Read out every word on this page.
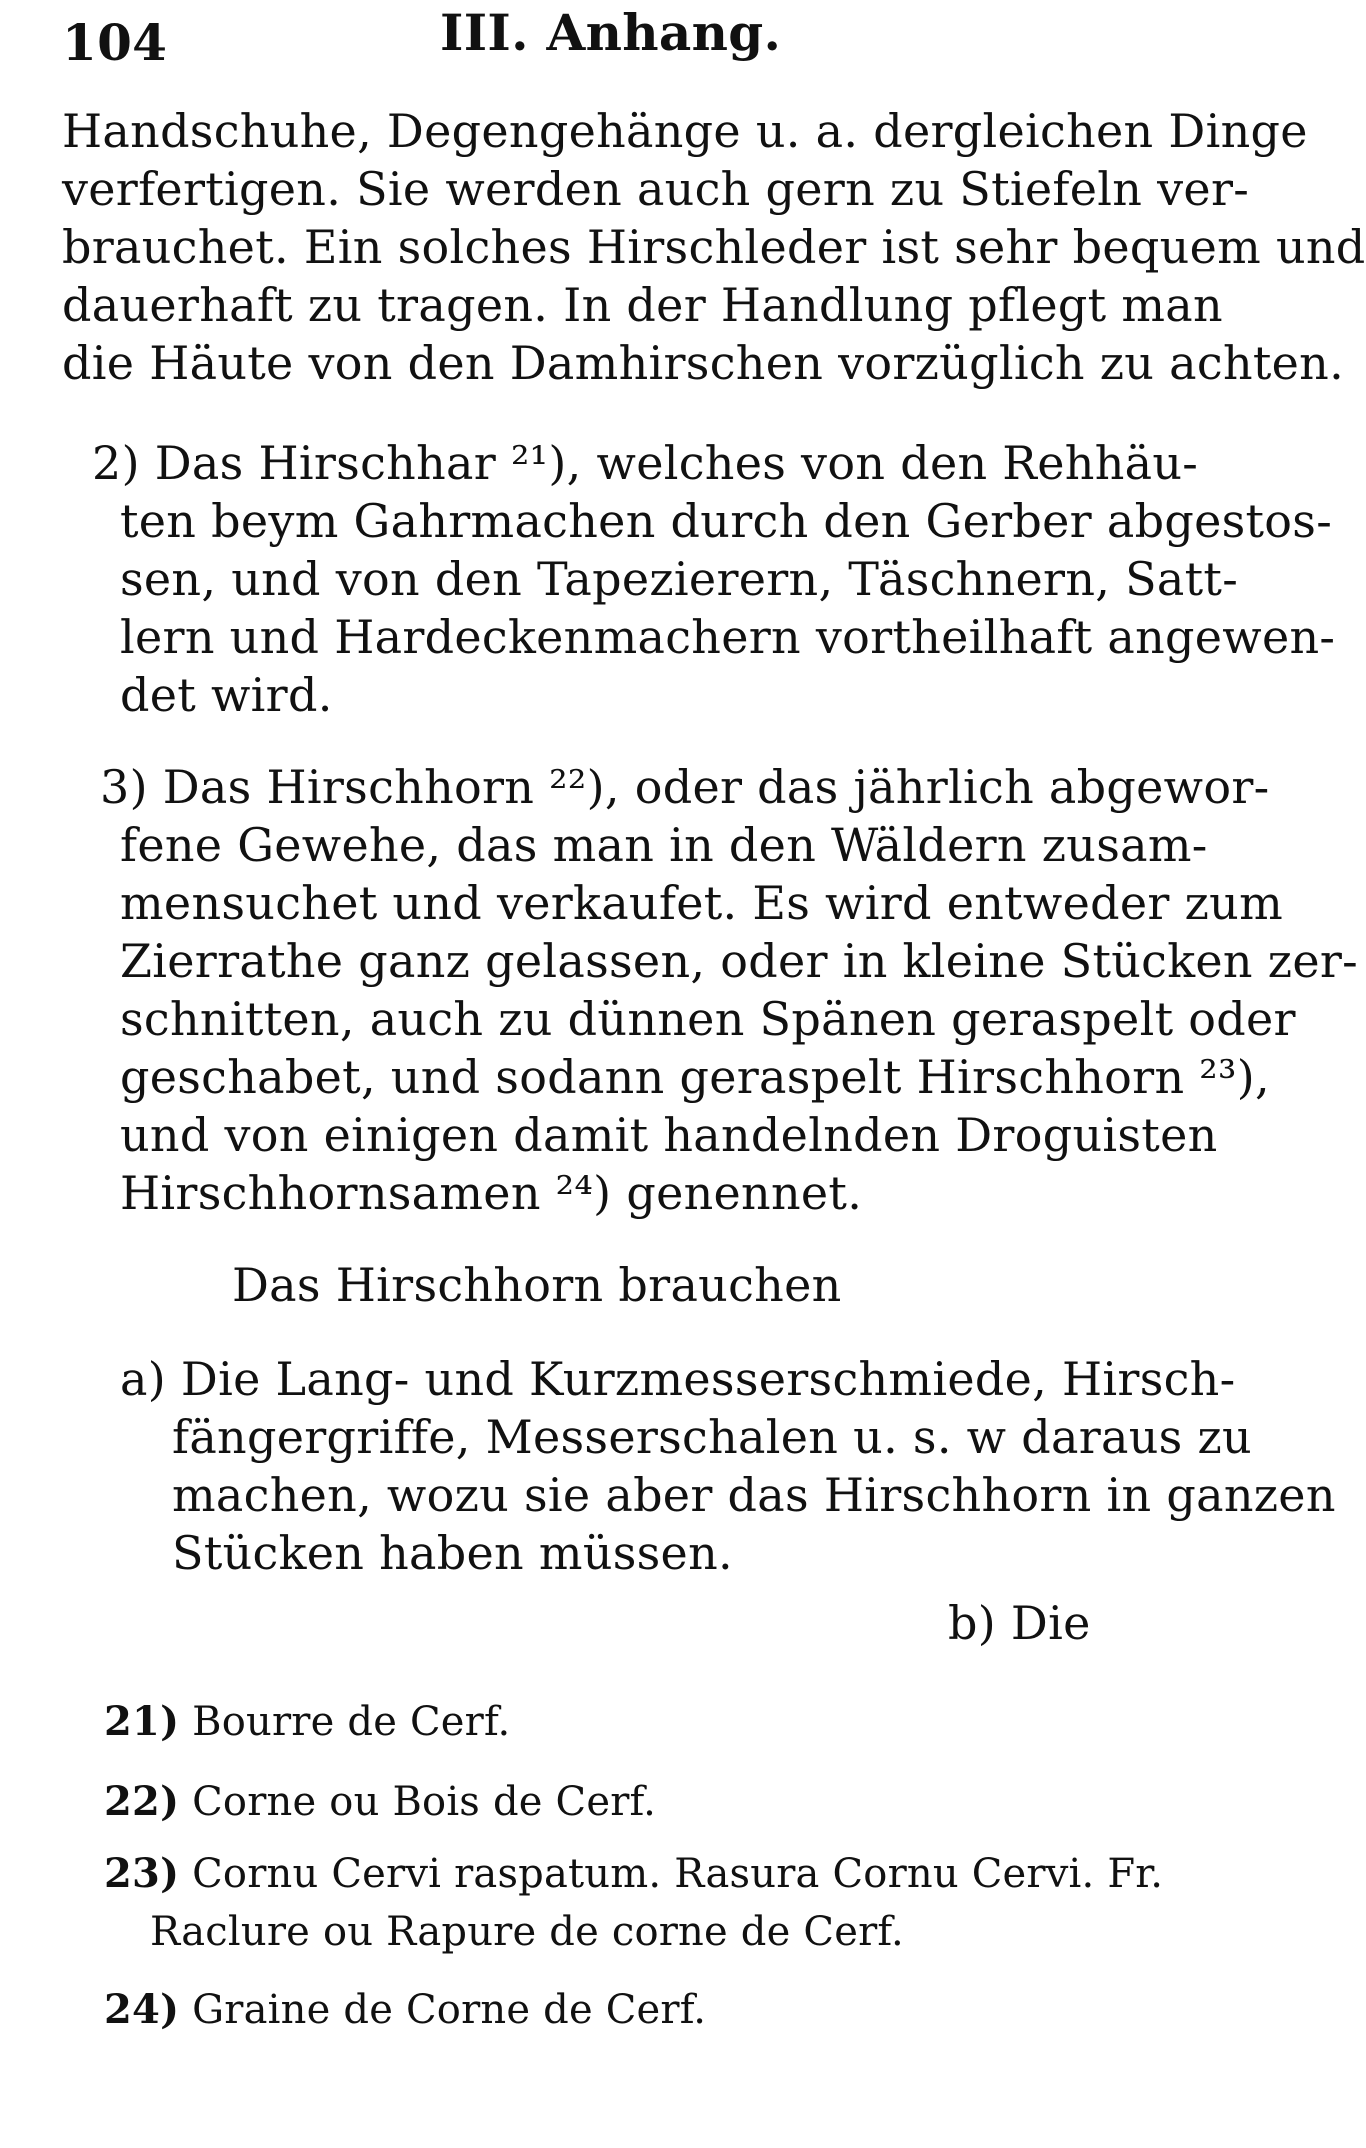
104	III. Anhang.
Handschuhe, Degengehänge u. a. dergleichen Dinge
verfertigen. Sie werden auch gern zu Stiefeln ver-
brauchet. Ein solches Hirschleder ist sehr bequem und
dauerhaft zu tragen. In der Handlung pflegt man
die Häute von den Damhirschen vorzüglich zu achten.
2) Das Hirschhar ²¹), welches von den Rehhäu-
ten beym Gahrmachen durch den Gerber abgestos-
sen, und von den Tapezierern, Täschnern, Satt-
lern und Hardeckenmachern vortheilhaft angewen-
det wird.
3) Das Hirschhorn ²²), oder das jährlich abgewor-
fene Gewehe, das man in den Wäldern zusam-
mensuchet und verkaufet. Es wird entweder zum
Zierrathe ganz gelassen, oder in kleine Stücken zer-
schnitten, auch zu dünnen Spänen geraspelt oder
geschabet, und sodann geraspelt Hirschhorn ²³),
und von einigen damit handelnden Droguisten
Hirschhornsamen ²⁴) genennet.
Das Hirschhorn brauchen
a) Die Lang- und Kurzmesserschmiede, Hirsch-
fängergriffe, Messerschalen u. s. w daraus zu
machen, wozu sie aber das Hirschhorn in ganzen
Stücken haben müssen.
b) Die
21) Bourre de Cerf.
22) Corne ou Bois de Cerf.
23) Cornu Cervi raspatum. Rasura Cornu Cervi. Fr.
Raclure ou Rapure de corne de Cerf.
24) Graine de Corne de Cerf.
